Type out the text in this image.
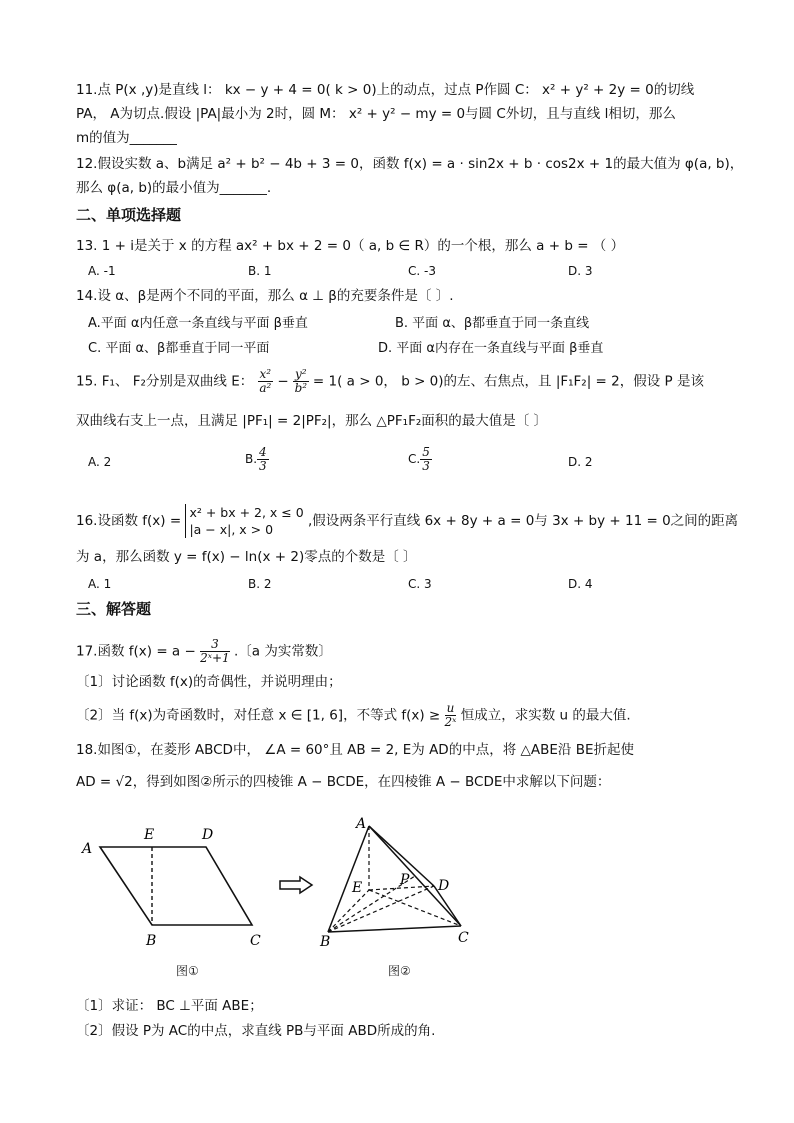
11.点 P(x ,y)是直线 l： kx − y + 4 = 0( k > 0)上的动点，过点 P作圆 C： x² + y² + 2y = 0的切线
PA， A为切点.假设 |PA|最小为 2时，圆 M： x² + y² − my = 0与圆 C外切，且与直线 l相切，那么
m的值为_______
12.假设实数 a、b满足 a² + b² − 4b + 3 = 0，函数 f(x) = a · sin2x + b · cos2x + 1的最大值为 φ(a, b)，
那么 φ(a, b)的最小值为_______.
二、单项选择题
13. 1 + i是关于 x 的方程 ax² + bx + 2 = 0（ a, b ∈ R）的一个根，那么 a + b = （ ）
A. -1	B. 1	C. -3	D. 3
14.设 α、β是两个不同的平面，那么 α ⊥ β的充要条件是〔 〕.
A.平面 α内任意一条直线与平面 β垂直	B. 平面 α、β都垂直于同一条直线
C. 平面 α、β都垂直于同一平面	D. 平面 α内存在一条直线与平面 β垂直
15. F₁、 F₂分别是双曲线 E： $\frac{\text{x²}}{\text{a²}} - \frac{\text{y²}}{\text{b²}} = 1$( a > 0， b > 0)的左、右焦点，且 |F₁F₂| = 2，假设 P 是该
双曲线右支上一点，且满足 |PF₁| = 2|PF₂|，那么 △PF₁F₂面积的最大值是〔 〕
A. 2	B. $\frac{4}{3}$	C. $\frac{5}{3}$	D. 2
16.设函数 f(x) =
x² + bx + 2, x ≤ 0
|a − x|, x > 0
,假设两条平行直线 6x + 8y + a = 0与 3x + by + 11 = 0之间的距离
为 a，那么函数 y = f(x) − ln(x + 2)零点的个数是〔 〕
A. 1	B. 2	C. 3	D. 4
三、解答题
17.函数 $f(x) = a - \frac{3}{\text{2ˣ+1}}$ .〔a 为实常数〕
〔1〕讨论函数 f(x)的奇偶性，并说明理由；
〔2〕当 f(x)为奇函数时，对任意 x ∈ [1, 6]，不等式 $f(x) \ge \frac{u}{\text{2ˣ}}$ 恒成立，求实数 u 的最大值.
18.如图①，在菱形 ABCD中， ∠A = 60°且 AB = 2, E为 AD的中点，将 △ABE沿 BE折起使
AD = √2，得到如图②所示的四棱锥 A − BCDE，在四棱锥 A − BCDE中求解以下问题：
A
E	D
B	C
图①
A
E	P D
B	C
图②
〔1〕求证： BC ⊥平面 ABE；
〔2〕假设 P为 AC的中点，求直线 PB与平面 ABD所成的角.
